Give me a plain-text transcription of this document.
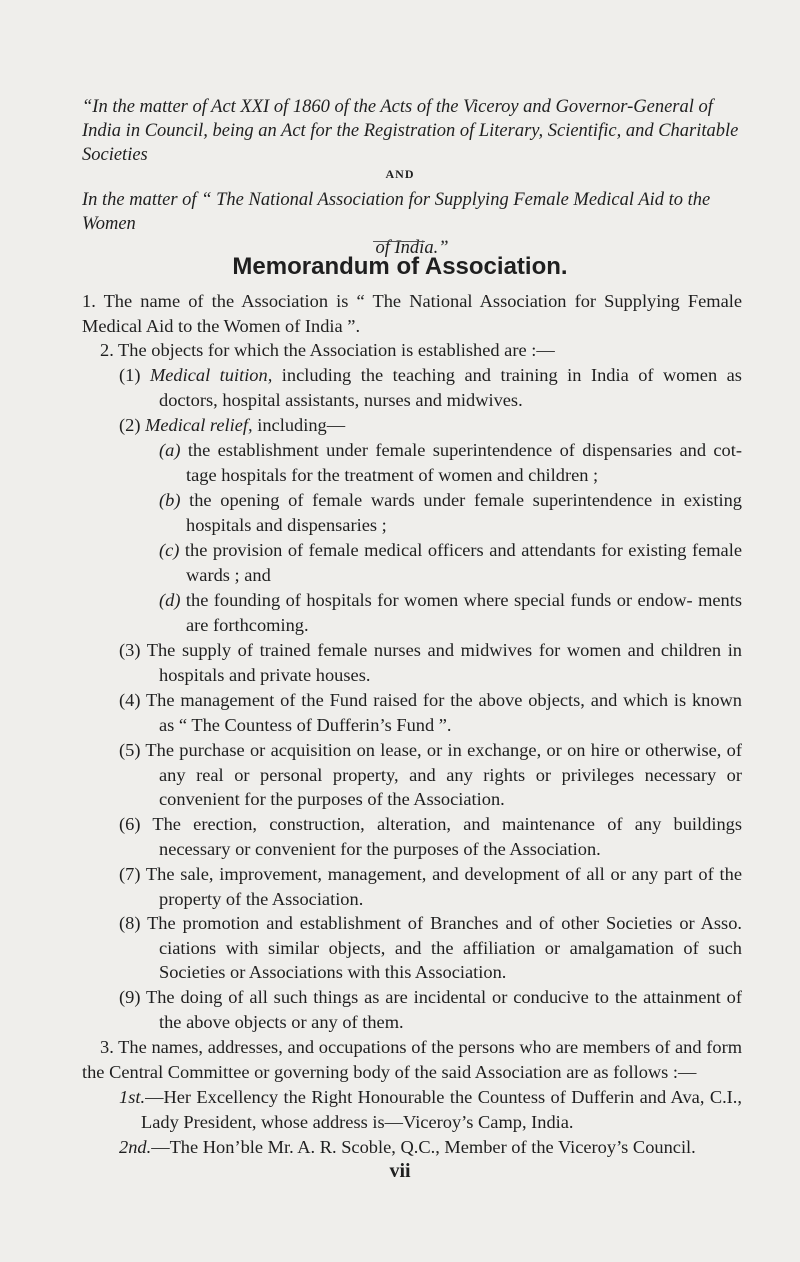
“In the matter of Act XXI of 1860 of the Acts of the Viceroy and Governor-General of India in Council, being an Act for the Registration of Literary, Scientific, and Charitable Societies
AND
In the matter of “ The National Association for Supplying Female Medical Aid to the Women
of India.”
Memorandum of Association.
1. The name of the Association is “ The National Association for Supplying Female Medical Aid to the Women of India ”.
2. The objects for which the Association is established are :—
(1) Medical tuition, including the teaching and training in India of women as doctors, hospital assistants, nurses and midwives.
(2) Medical relief, including—
(a) the establishment under female superintendence of dispensaries and cot- tage hospitals for the treatment of women and children ;
(b) the opening of female wards under female superintendence in existing hospitals and dispensaries ;
(c) the provision of female medical officers and attendants for existing female wards ; and
(d) the founding of hospitals for women where special funds or endow- ments are forthcoming.
(3) The supply of trained female nurses and midwives for women and children in hospitals and private houses.
(4) The management of the Fund raised for the above objects, and which is known as “ The Countess of Dufferin’s Fund ”.
(5) The purchase or acquisition on lease, or in exchange, or on hire or otherwise, of any real or personal property, and any rights or privileges necessary or convenient for the purposes of the Association.
(6) The erection, construction, alteration, and maintenance of any buildings necessary or convenient for the purposes of the Association.
(7) The sale, improvement, management, and development of all or any part of the property of the Association.
(8) The promotion and establishment of Branches and of other Societies or Asso. ciations with similar objects, and the affiliation or amalgamation of such Societies or Associations with this Association.
(9) The doing of all such things as are incidental or conducive to the attainment of the above objects or any of them.
3. The names, addresses, and occupations of the persons who are members of and form the Central Committee or governing body of the said Association are as follows :—
1st.—Her Excellency the Right Honourable the Countess of Dufferin and Ava, C.I., Lady President, whose address is—Viceroy’s Camp, India.
2nd.—The Hon’ble Mr. A. R. Scoble, Q.C., Member of the Viceroy’s Council.
vii
